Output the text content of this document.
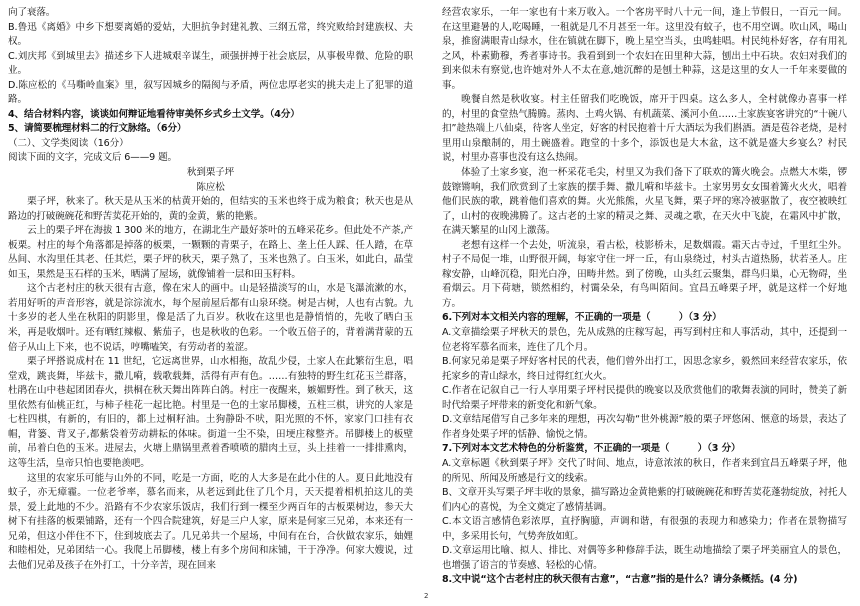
向了衰落。

B.鲁迅《离婚》中乡下想要离婚的爱姑，大胆抗争封建礼教、三纲五常，终究败给封建族权、夫权。

C.刘庆邦《到城里去》描述乡下人进城艰辛谋生，顽强拼搏于社会底层，从事极卑微、危险的职业。

D.陈应松的《马嘶岭血案》里，叙写因城乡的隔阂与矛盾，两位忠厚老实的挑夫走上了犯罪的道路。

4、结合材料内容，谈谈如何辩证地看待审美怀乡式乡土文学。（4分）

5、请简要梳理材料二的行文脉络。（6分）

（二）、文学类阅读（16分）

阅读下面的文字，完成文后 6——9 题。

秋到栗子坪

陈应松

栗子坪，秋来了。秋天是从玉米的枯黄开始的，但结实的玉米也终于成为粮食；秋天也是从路边的打破碗碗花和野苦荬花开始的，黄的金黄，紫的艳紫。

云上的栗子坪在海拔 1 300 米的地方，在湖北生产最好茶叶的五峰采花乡。但此处不产茶,产板栗。村庄的每个角落都是掉落的板栗，一颗颗的青栗子，在路上、垄上任人踩、任人踏，在草丛间、水沟里任其老、任其烂，栗子坪的秋天，栗子熟了，玉米也熟了。白玉米，如此白，晶莹如玉，果然是玉石样的玉米，晒满了屋场，就像铺着一层和田玉籽料。

这个古老村庄的秋天很有古意，像在宋人的画中。山是轻描淡写的山，水是飞瀑流漱的水，若用好听的声音形容，就是淙淙流水，每个屋前屋后都有山泉环绕。树是古树，人也有古貌。九十多岁的老人坐在秋阳的阴影里，像是活了九百岁。秋收在这里也是静悄悄的，先收了晒白玉米，再是收烟叶。还有晒红辣椒、紫茄子，也是秋收的色彩。一个收五倍子的，背着满背蒙的五倍子从山上下来，也不说话，哼嘴嗑笑，有劳动者的羞涩。

栗子坪搭说成村在 11 世纪，它远离世界，山水相拖，故乱少侵，土家人在此繁衍生息，唱堂戏，跳丧舞，毕兹卡，撒儿嗬，载歌载舞，活得有声有色。……有独特的野生红花玉兰群落，杜鹃在山中巷起团团春火，拱桐在秋天舞出阵阵白鸽。村庄一夜醒来，嫉媚野性。到了秋天，这里依然有仙桃正红，与柿子桂花一起比艳。村里是一色的土家吊脚楼，五柱三棋，讲究的人家是七柱四棋，有新的，有旧的，都上过桐籽油。土狗静卧不吠，阳光照的不怀，家家门口挂有衣帽，背篓、背叉子,都紫袋着劳动耕耘的体味。街道一尘不染，田埂庄稼整齐。吊脚楼上的板壁前，吊着白色的玉米。进屋去，火塘上鼎锅里煮着香喷喷的腊肉土豆，头上挂着一一排排熏肉，这等生活，皇帝只怕也要艳羡吧。

这里的农家乐可能与山外的不同，吃是一方面，吃的人大多是在此小住的人。夏日此地没有蚊子，亦无瘴霾。一位老爷率，慕名而来，从老远到此住了几个月，天天提着相机拍这儿的美景，爱上此地的不少。沿路有不少农家乐饭店，我们行到一棵至少两百年的古板栗树边，参天大树下有挂落的板栗铺路，还有一个四合院建筑，好是三户人家，原来是何家三兄弟，本来还有一兄弟，但这小伴住不下，住到坡底去了。几兄弟共一个屋场，中间有在台，合伙做农家乐，妯娌和睦相处，兄弟团结一心。我爬上吊脚楼，楼上有多个房间和床铺，干于净净。何家大嫂说，过去他们兄弟及孩子在外打工，十分辛苦，现在回来

经营农家乐，一年一家也有十来万收入。一个客房平时八十元一间，逢上节假日，一百元一间。在这里避暑的人,吃喝睡，一租就是几不月甚至一年。这里没有蚊子，也不用空调。吹山风，喝山泉，推窗满眼青山绿水，住在镇就在脚下，晚上星空当头，虫鸣蛙唱。村民纯朴好客，存有用礼之风，朴素勤穆，秀者事诗书。我看到到一个农妇在田里种大蒜，刨出土中石块。农妇对我们的到来似未有察觉,也许她对外人不太在意,她沉醉的是刨土种蒜，这是这里的女人一千年来要做的事。

晚餐自然是秋收宴。村主任留我们吃晚饭，席开于四桌。这么多人，全村就像办喜事一样的，村里的食堂热气腾腾。蒸肉、土鸡火锅、有机蔬菜、溪河小鱼……土家族宴客讲究的“十碗八扣”趁热端上八仙桌，待客人坐定，好客的村民抱着十斤大酒坛为我们斟酒。酒是苞谷老烧，是村里用山泉酿制的，用土碗盛着。跑堂的十多个，添饭也是大木盆，这不就是盛大乡宴么？村民说，村里办喜事也没有这么热闹。

体验了土家乡宴，泡一杯采花毛尖，村里又为我们备下了联欢的篝火晚会。点燃大木柴，锣鼓镲锵响，我们欣赏到了土家族的摆手舞、撒儿嗬和毕兹卡。土家男男女女围着篝火火火，唱着他们民族的歌，跳着他们喜欢的舞。火光熊熊，火星飞舞，栗子坪的寒冷被驱散了，夜空被映红了，山村的夜晚沸腾了。这古老的土家的精灵之舞、灵魂之歌，在天火中飞旋，在霜风中扩散，在满天繁星的山冈上激荡。

老想有这样一个去处，听流泉，看古松，枝影桥未，足数烟霞。霜天古寺过，千里红尘外。村子不局促一堆，山野很开阔，每家守住一坪一丘，有山泉绕过，村头古道热肠，状若圣人。庄稼安静，山峰沉稳，阳光白净，田畴井然。到了傍晚，山头红云聚集，群鸟归巢，心无物碍，坐看烟云。月下荷塘，锁然相约，村霭朵朵，有鸟叫陌间。宜昌五峰栗子坪，就是这样一个好地方。

6.下列对本文相关内容的理解，不正确的一项是（　　　）（3 分）

A.文章描绘栗子坪秋天的景色，先从成熟的庄稼写起，再写到村庄和人事活动，其中，还提到一位老将军慕名而来，连住了几个月。

B.何家兄弟是栗子坪好客村民的代表，他们曾外出打工，因思念家乡，毅然回来经营农家乐，依托家乡的青山绿水，终日过得红红火火。

C.作者在记叙自己一行人享用栗子坪村民提供的晚宴以及欣赏他们的歌舞表演的同时，赞美了新时代给栗子坪带来的新变化和新气象。

D.文章结尾借写自己多年来的理想，再次勾勒“世外桃源”般的栗子坪悠闲、惬意的场景，表达了作者身处栗子坪的恬静、愉悦之情。

7.下列对本文艺术特色的分析鉴赏，不正确的一项是（　　　）（3 分）

A.文章标题《秋到栗子坪》交代了时间、地点，诗意浓浓的秋日，作者来到宜昌五峰栗子坪，他的所见、所闻及所感是行文的线索。

B、文章开头写栗子坪丰收的景象，描写路边金黄艳紫的打破碗碗花和野苦荬花蓬勃绽放，衬托人们内心的喜悦，为全文奠定了感情基调。

C.本文语言感情色彩浓厚，直抒胸臆，声调和谐，有很强的表现力和感染力；作者在景物描写中，多采用长句，气势奔放如虹。

D.文章运用比喻、拟人、排比、对偶等多种修辞手法，既生动地描绘了栗子坪美丽宜人的景色，也增强了语言的节奏感、轻松的心情。

8.文中说“这个古老村庄的秋天很有古意”，“古意”指的是什么？请分条概括。(4 分)

2
